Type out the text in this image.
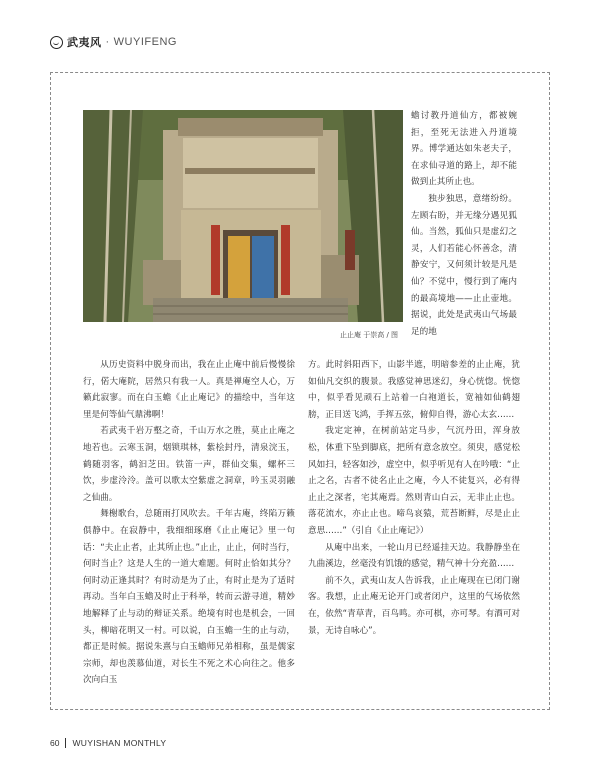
武夷风 · WUYIFENG
止止庵 于崇高 / 图

蟾讨教丹道仙方，都被婉拒，至死无法进入丹道境界。博学通达如朱老夫子，在求仙寻道的路上，却不能做到止其所止也。

独步独思，意绪纷纷。左顾右盼，并无缘分遇见狐仙。当然，狐仙只是虚幻之灵，人们若能心怀善念，清静安宁，又何须计较是凡是仙？不觉中，慢行到了庵内的最高境地——止止壶地。据说，此处是武夷山气场最足的地

从历史资料中脱身而出，我在止止庵中前后慢慢徐行，偌大庵院，居然只有我一人。真是禅庵空人心，万籁此寂寥。而在白玉蟾《止止庵记》的描绘中，当年这里是何等仙气鼎沸啊！

若武夷千岩万壑之奇，千山万水之胜，莫止止庵之地若也。云寒玉洞，烟锁琪林，紫桧封丹，清泉浣玉，鹤随羽客，鹤汩芝田。铁笛一声，群仙交集，螺杯三饮，步虚泠泠。盖可以歌太空紫虚之洞章，吟玉灵羽融之仙曲。

舞榭歌台，总随雨打风吹去。千年古庵，终陷万籁俱静中。在寂静中，我细细琢磨《止止庵记》里一句话：“夫止止者，止其所止也。”止止，止止，何时当行，何时当止？这是人生的一道大难题。何时止恰如其分？何时动正逢其时？有时动是为了止，有时止是为了适时再动。当年白玉蟾及时止于科举，转而云游寻道，精妙地解释了止与动的辩证关系。绝境有时也是机会，一回头，柳暗花明又一村。可以说，白玉蟾一生的止与动，都正是时候。据说朱熹与白玉蟾师兄弟相称，虽是儒家宗师，却也羡慕仙道，对长生不死之术心向往之。他多次向白玉

方。此时斜阳西下，山影半遮，明暗参差的止止庵，犹如仙凡交织的腹景。我感觉神思迷幻，身心恍惚。恍惚中，似乎看见顽石上站着一白袍道长，宽袖如仙鹤翅膀，正目送飞鸿，手挥五弦，俯仰自得，游心太玄……

我定定神，在树前站定马步，气沉丹田，浑身放松，体重下坠到脚底，把所有意念放空。须臾，感觉松风如扫，轻客如沙，虚空中，似乎听见有人在吟哦：“止止之名，古者不徒名止止之庵，今人不徒复兴，必有得止止之深者，宅其庵焉。然则青山白云，无非止止也。落花流水，亦止止也。啼鸟哀猿，荒苔断鲜，尽是止止意思……”（引自《止止庵记》）

从庵中出来，一轮山月已经遥挂天边。我静静坐在九曲溪边，丝毫没有饥饿的感觉，精气神十分充盈……

前不久，武夷山友人告诉我，止止庵现在已闭门谢客。我想，止止庵无论开门或者闭户，这里的气场依然在，依然“青草青，百鸟鸣。亦可棋，亦可琴。有酒可对景，无诗自咏心”。

60 WUYISHAN MONTHLY
